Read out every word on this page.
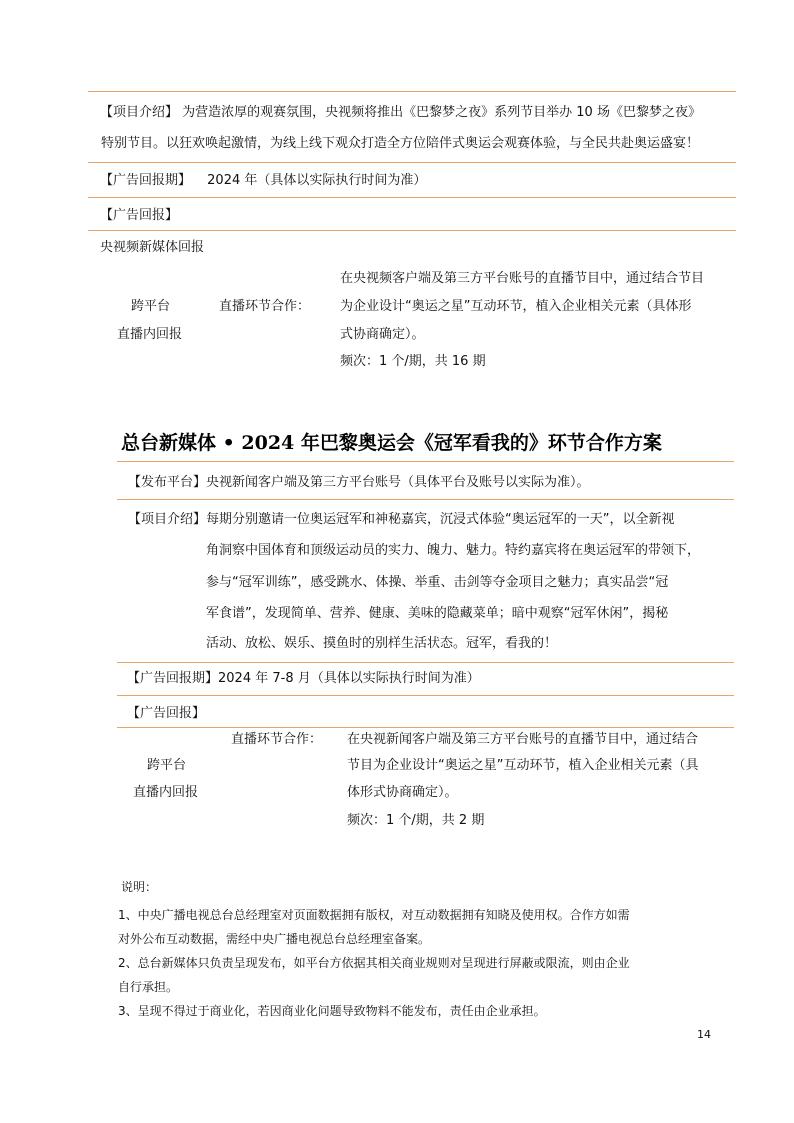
【项目介绍】 为营造浓厚的观赛氛围，央视频将推出《巴黎梦之夜》系列节目举办 10 场《巴黎梦之夜》
特别节目。以狂欢唤起激情，为线上线下观众打造全方位陪伴式奥运会观赛体验，与全民共赴奥运盛宴！
【广告回报期】 2024 年（具体以实际执行时间为准）
【广告回报】
央视频新媒体回报
跨平台
直播内回报
直播环节合作：
在央视频客户端及第三方平台账号的直播节目中，通过结合节目
为企业设计“奥运之星”互动环节，植入企业相关元素（具体形
式协商确定）。
频次：1 个/期，共 16 期
总台新媒体 • 2024 年巴黎奥运会《冠军看我的》环节合作方案
【发布平台】央视新闻客户端及第三方平台账号（具体平台及账号以实际为准）。
【项目介绍】 每期分别邀请一位奥运冠军和神秘嘉宾，沉浸式体验“奥运冠军的一天”，以全新视
角洞察中国体育和顶级运动员的实力、魄力、魅力。特约嘉宾将在奥运冠军的带领下，
参与“冠军训练”，感受跳水、体操、举重、击剑等夺金项目之魅力；真实品尝“冠
军食谱”，发现简单、营养、健康、美味的隐藏菜单；暗中观察“冠军休闲”，揭秘
活动、放松、娱乐、摸鱼时的别样生活状态。冠军，看我的！
【广告回报期】2024 年 7-8 月（具体以实际执行时间为准）
【广告回报】
直播环节合作：
跨平台
直播内回报
在央视新闻客户端及第三方平台账号的直播节目中，通过结合
节目为企业设计“奥运之星”互动环节，植入企业相关元素（具
体形式协商确定）。
频次：1 个/期，共 2 期
说明：
1、中央广播电视总台总经理室对页面数据拥有版权，对互动数据拥有知晓及使用权。合作方如需
对外公布互动数据，需经中央广播电视总台总经理室备案。
2、总台新媒体只负责呈现发布，如平台方依据其相关商业规则对呈现进行屏蔽或限流，则由企业
自行承担。
3、呈现不得过于商业化，若因商业化问题导致物料不能发布，责任由企业承担。
14
